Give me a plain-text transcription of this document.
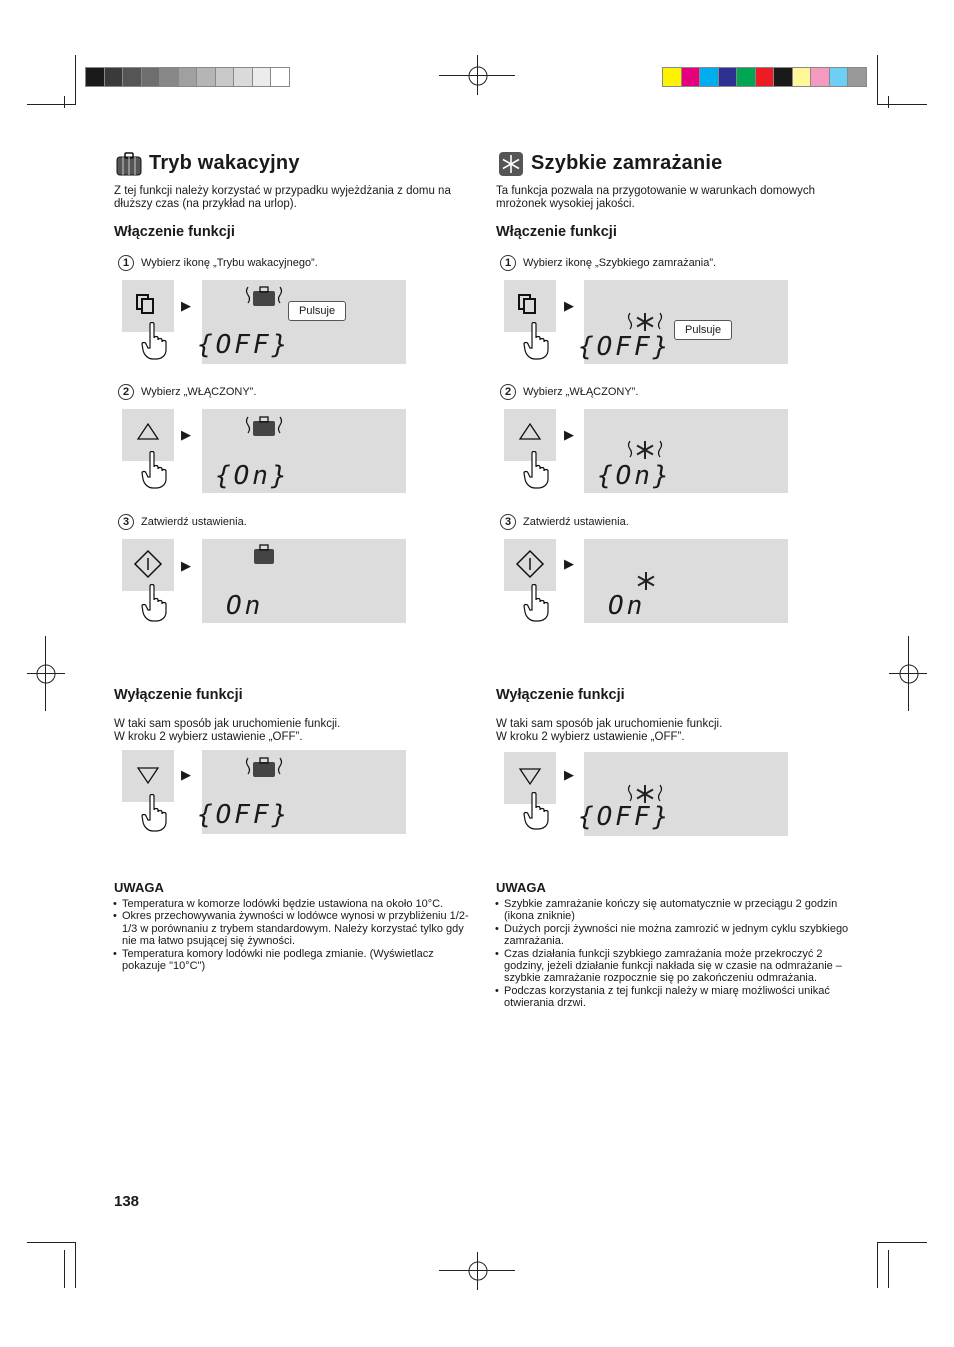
Tryb wakacyjny
Z tej funkcji należy korzystać w przypadku wyjeżdżania z domu na dłuższy czas (na przykład na urlop).
Włączenie funkcji
1	Wybierz ikonę „Trybu wakacyjnego”.
▶	Pulsuje
{OFF}
2	Wybierz „WŁĄCZONY”.
▶
{On}
3	Zatwierdź ustawienia.
▶
On
Wyłączenie funkcji
W taki sam sposób jak uruchomienie funkcji.
W kroku 2 wybierz ustawienie „OFF”.
▶
{OFF}
UWAGA
• Temperatura w komorze lodówki będzie ustawiona na około 10°C.
• Okres przechowywania żywności w lodówce wynosi w przybliżeniu 1/2-1/3 w porównaniu z trybem standardowym. Należy korzystać tylko gdy nie ma łatwo psującej się żywności.
• Temperatura komory lodówki nie podlega zmianie. (Wyświetlacz pokazuje "10°C")
Szybkie zamrażanie
Ta funkcja pozwala na przygotowanie w warunkach domowych mrożonek wysokiej jakości.
Włączenie funkcji
1	Wybierz ikonę „Szybkiego zamrażania”.
▶
Pulsuje
{OFF}
2	Wybierz „WŁĄCZONY”.
▶
{On}
3	Zatwierdź ustawienia.
▶
On
Wyłączenie funkcji
W taki sam sposób jak uruchomienie funkcji.
W kroku 2 wybierz ustawienie „OFF”.
▶
{OFF}
UWAGA
• Szybkie zamrażanie kończy się automatycznie w przeciągu 2 godzin (ikona zniknie)
• Dużych porcji żywności nie można zamrozić w jednym cyklu szybkiego zamrażania.
• Czas działania funkcji szybkiego zamrażania może przekroczyć 2 godziny, jeżeli działanie funkcji nakłada się w czasie na odmrażanie – szybkie zamrażanie rozpocznie się po zakończeniu odmrażania.
• Podczas korzystania z tej funkcji należy w miarę możliwości unikać otwierania drzwi.
138
